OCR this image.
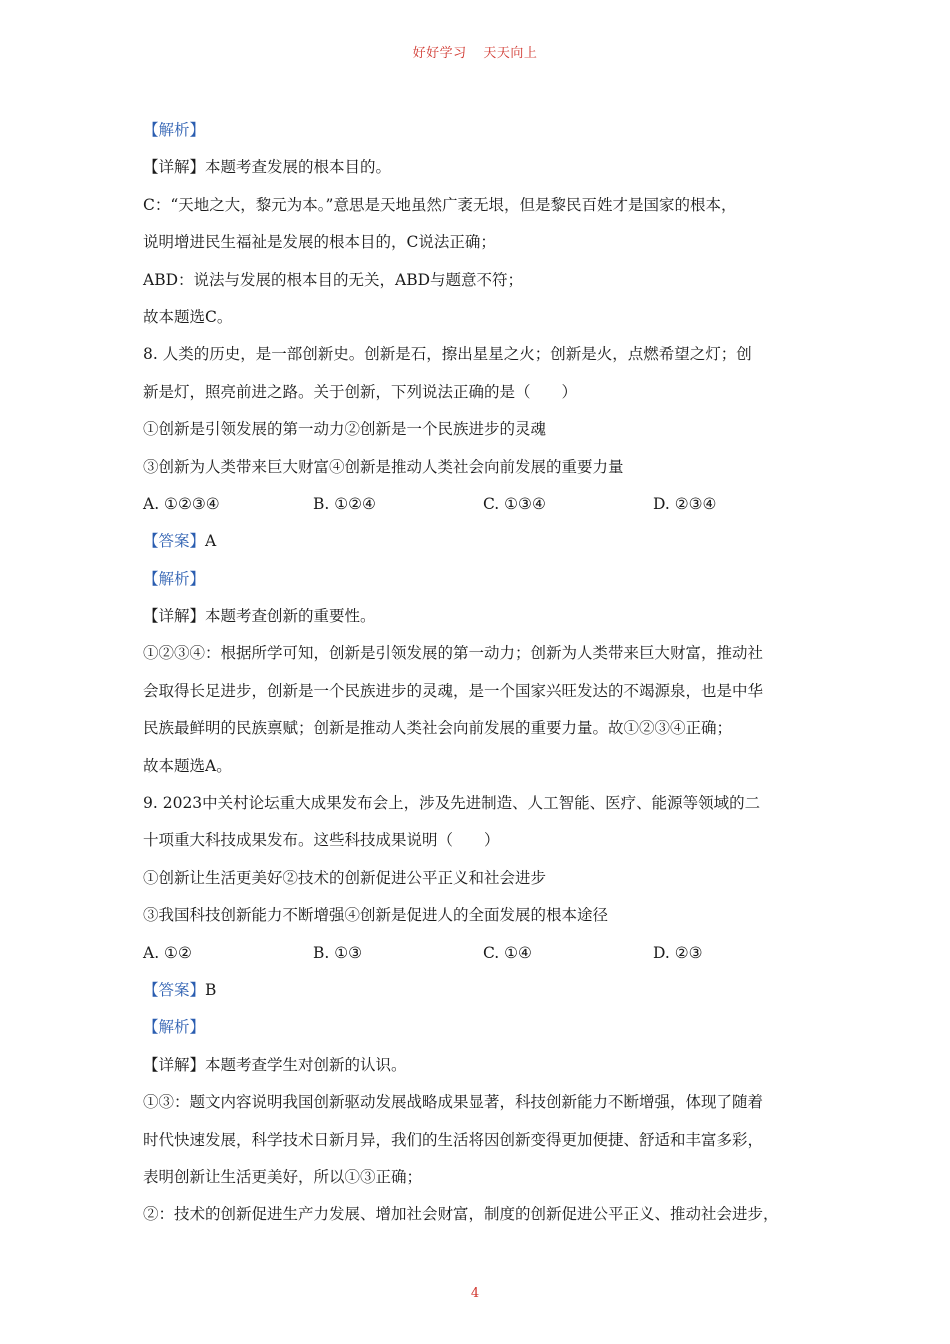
好好学习 天天向上
【解析】
【详解】本题考查发展的根本目的。
C：“天地之大，黎元为本。”意思是天地虽然广袤无垠，但是黎民百姓才是国家的根本，
说明增进民生福祉是发展的根本目的，C说法正确；
ABD：说法与发展的根本目的无关，ABD与题意不符；
故本题选C。
8. 人类的历史，是一部创新史。创新是石，擦出星星之火；创新是火，点燃希望之灯；创
新是灯，照亮前进之路。关于创新，下列说法正确的是（　　）
①创新是引领发展的第一动力②创新是一个民族进步的灵魂
③创新为人类带来巨大财富④创新是推动人类社会向前发展的重要力量
A. ①②③④	B. ①②④	C. ①③④	D. ②③④
【答案】A
【解析】
【详解】本题考查创新的重要性。
①②③④：根据所学可知，创新是引领发展的第一动力；创新为人类带来巨大财富，推动社
会取得长足进步，创新是一个民族进步的灵魂，是一个国家兴旺发达的不竭源泉，也是中华
民族最鲜明的民族禀赋；创新是推动人类社会向前发展的重要力量。故①②③④正确；
故本题选A。
9. 2023中关村论坛重大成果发布会上，涉及先进制造、人工智能、医疗、能源等领域的二
十项重大科技成果发布。这些科技成果说明（　　）
①创新让生活更美好②技术的创新促进公平正义和社会进步
③我国科技创新能力不断增强④创新是促进人的全面发展的根本途径
A. ①②	B. ①③	C. ①④	D. ②③
【答案】B
【解析】
【详解】本题考查学生对创新的认识。
①③：题文内容说明我国创新驱动发展战略成果显著，科技创新能力不断增强，体现了随着
时代快速发展，科学技术日新月异，我们的生活将因创新变得更加便捷、舒适和丰富多彩，
表明创新让生活更美好，所以①③正确；
②：技术的创新促进生产力发展、增加社会财富，制度的创新促进公平正义、推动社会进步，
4
